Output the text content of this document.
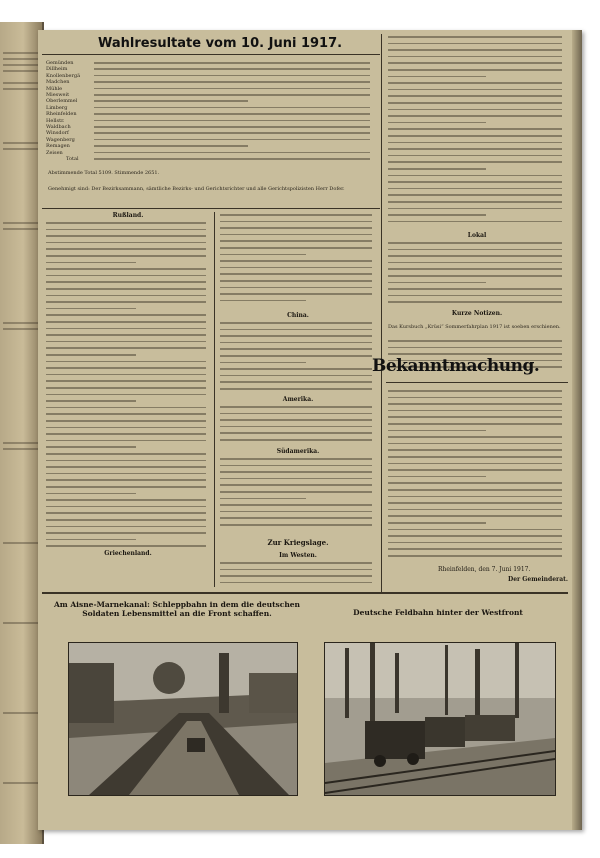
Wahlresultate vom 10. Juni 1917.
Gemünden
Dillheim
Knollenbergä
Madchen
Mühle
Miesweit
Oberlemmel
Limberg
Rheinfelden
Hellstr.
Waldbach
Winsdorf
Wagenberg
Remagen
Zeisen
Total
Abstimmende Total 5109. Stimmende 2651.
Genehmigt sind: Der Bezirksammann, sämtliche Bezirks- und Gerichtsrichter und alle Gerichtspolizisten Herr Dofer.
Rußland.
Griechenland.
China.
Amerika.
Südamerika.
Zur Kriegslage.
Im Westen.
Lokal
Kurze Notizen.
Das Kursbuch „Krüsi“ Sommerfahrplan 1917 ist soeben erschienen.
Bekanntmachung.
Rheinfelden, den 7. Juni 1917.
Der Gemeinderat.
Am Aisne-Marnekanal: Schleppbahn in dem die deutschen Soldaten Lebensmittel an die Front schaffen.	Deutsche Feldbahn hinter der Westfront
